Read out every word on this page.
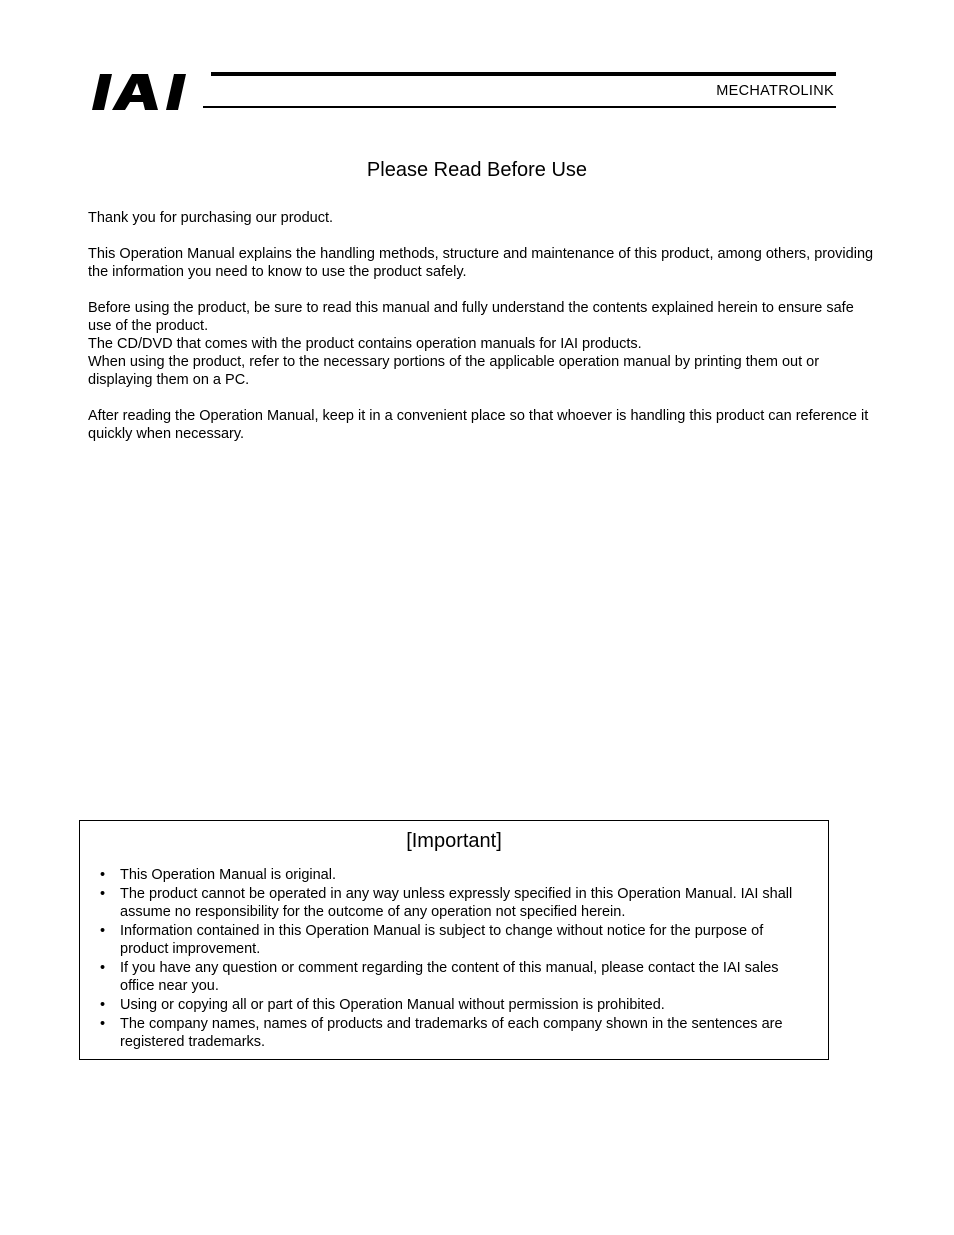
MECHATROLINK
Please Read Before Use

Thank you for purchasing our product.

This Operation Manual explains the handling methods, structure and maintenance of this product, among others, providing the information you need to know to use the product safely.

Before using the product, be sure to read this manual and fully understand the contents explained herein to ensure safe use of the product.
The CD/DVD that comes with the product contains operation manuals for IAI products.
When using the product, refer to the necessary portions of the applicable operation manual by printing them out or displaying them on a PC.

After reading the Operation Manual, keep it in a convenient place so that whoever is handling this product can reference it quickly when necessary.

[Important]
• This Operation Manual is original.
• The product cannot be operated in any way unless expressly specified in this Operation Manual. IAI shall assume no responsibility for the outcome of any operation not specified herein.
• Information contained in this Operation Manual is subject to change without notice for the purpose of product improvement.
• If you have any question or comment regarding the content of this manual, please contact the IAI sales office near you.
• Using or copying all or part of this Operation Manual without permission is prohibited.
• The company names, names of products and trademarks of each company shown in the sentences are registered trademarks.
